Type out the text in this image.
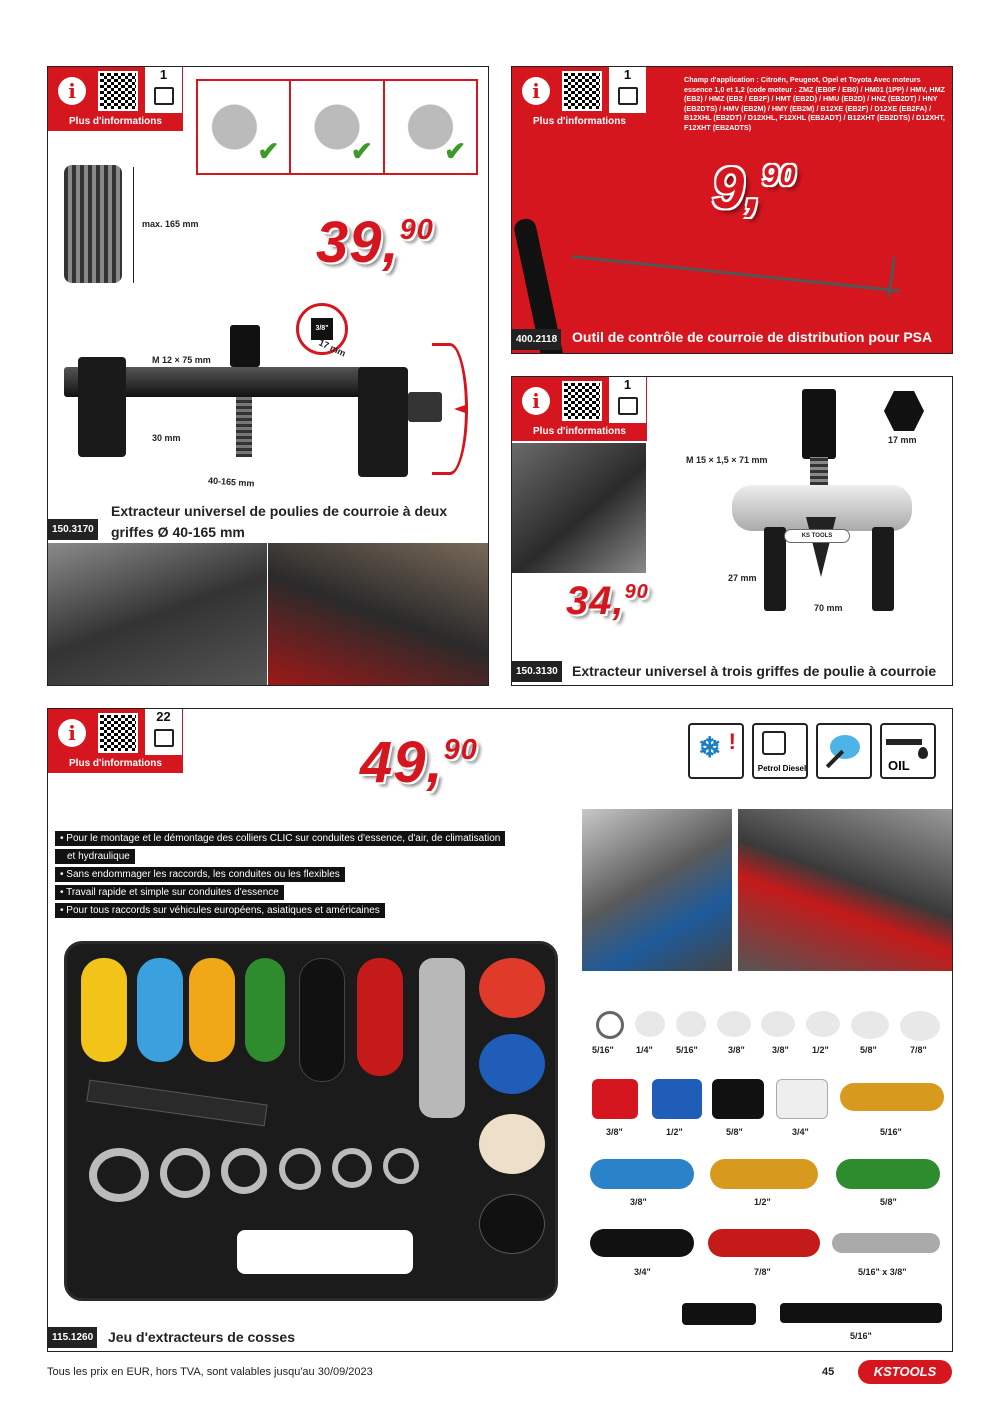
i
1
Plus d'informations
✔	✔	✔
max. 165 mm 39,90
3/8"
17 mm
M 12 × 75 mm
30 mm
40-165 mm
150.3170
Extracteur universel de poulies de courroie à deux
griffes Ø 40-165 mm
i
1
Plus d'informations
Champ d'application : Citroën, Peugeot, Opel et Toyota Avec moteurs essence 1,0 et 1,2 (code moteur : ZMZ (EB0F / EB0) / HM01 (1PP) / HMV, HMZ (EB2) / HMZ (EB2 / EB2F) / HMT (EB2D) / HMU (EB2D) / HNZ (EB2DT) / HNY (EB2DTS) / HMV (EB2M) / HMY (EB2M) / B12XE (EB2F) / D12XE (EB2FA) / B12XHL (EB2DT) / D12XHL, F12XHL (EB2ADT) / B12XHT (EB2DTS) / D12XHT, F12XHT (EB2ADTS)
9,90
400.2118 Outil de contrôle de courroie de distribution pour PSA
i
1
Plus d'informations
34,90
KS TOOLS
17 mm
M 15 × 1,5 × 71 mm
27 mm
70 mm
150.3130 Extracteur universel à trois griffes de poulie à courroie
i
22
Plus d'informations	49,90	❄ !
Petrol Diesel	OIL
• Pour le montage et le démontage des colliers CLIC sur conduites d'essence, d'air, de climatisation
et hydraulique
• Sans endommager les raccords, les conduites ou les flexibles
• Travail rapide et simple sur conduites d'essence
• Pour tous raccords sur véhicules européens, asiatiques et américaines
5/16" 1/4"	5/16"	3/8"	3/8"	1/2"	5/8"	7/8"
3/8"	1/2"	5/8"	3/4"	5/16"
3/8"	1/2"	5/8"
3/4"	7/8"	5/16" x 3/8"
5/16"
115.1260 Jeu d'extracteurs de cosses
Tous les prix en EUR, hors TVA, sont valables jusqu'au 30/09/2023	45	KSTOOLS
